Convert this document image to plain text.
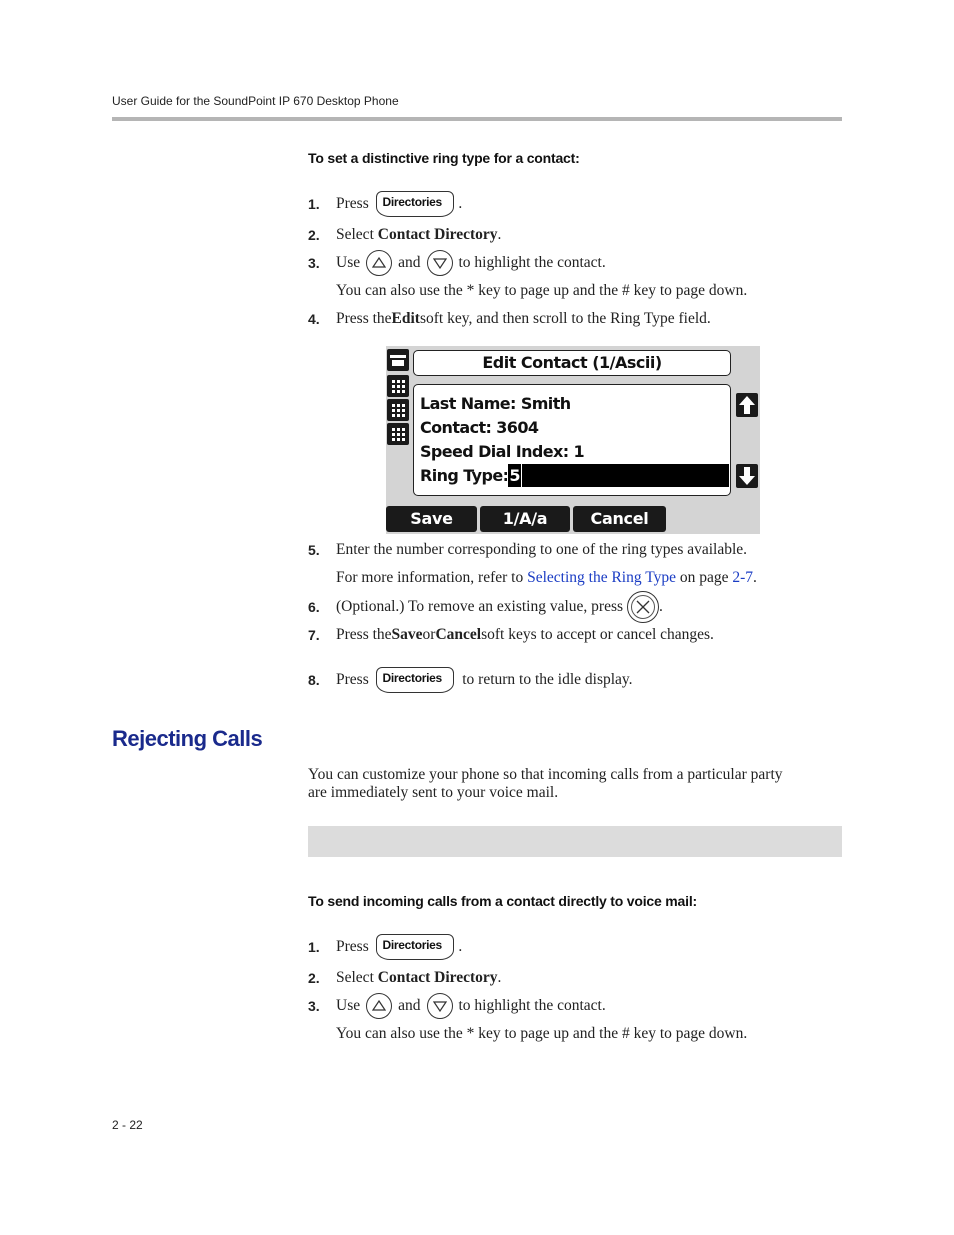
User Guide for the SoundPoint IP 670 Desktop Phone
To set a distinctive ring type for a contact:
1.	Press
	Directories
	.
2.	Select
Contact Directory .
3.	Use and to highlight the contact.
You can also use the * key to page up and the # key to page down.
4.	Press the Edit soft key, and then scroll to the Ring Type field.
Edit Contact (1/Ascii)
Last Name: Smith
Contact: 3604
Speed Dial Index: 1
Ring Type:5
Save	1/A/a	Cancel
5.	Enter the number corresponding to one of the ring types available.
For more information, refer to Selecting the Ring Type on page 2-7.
6.	(Optional.) To remove an existing value, press .
7.	Press the Save or Cancel soft keys to accept or cancel changes.
8.	Press
	Directories
	to return to the idle display.
Rejecting Calls
You can customize your phone so that incoming calls from a particular party
are immediately sent to your voice mail.
To send incoming calls from a contact directly to voice mail:
1.	Press
	Directories
	.
2.	Select
Contact Directory .
3.	Use and to highlight the contact.
You can also use the * key to page up and the # key to page down.
2 - 22
